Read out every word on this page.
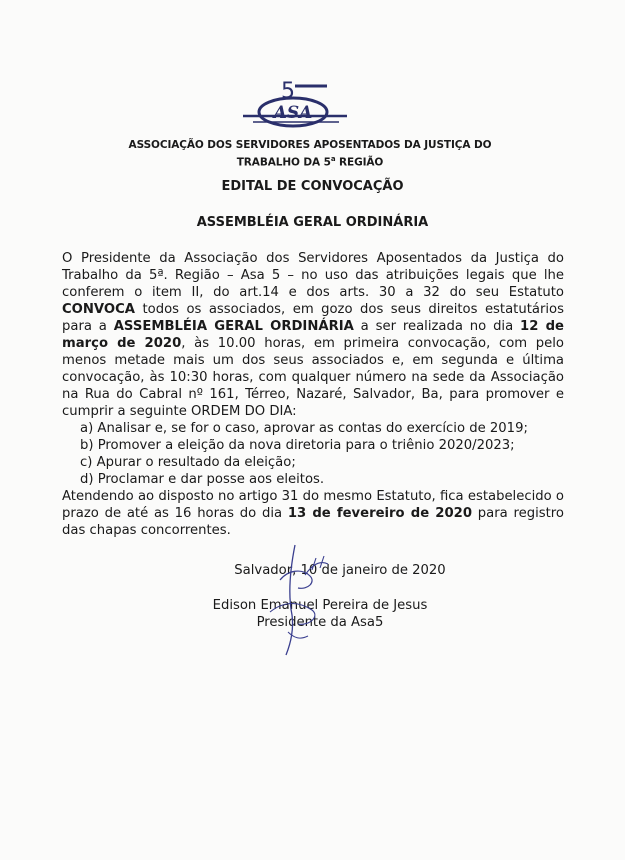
5
ASA
ASSOCIAÇÃO DOS SERVIDORES APOSENTADOS DA JUSTIÇA DO
TRABALHO DA 5$^a$ REGIÃO
EDITAL DE CONVOCAÇÃO
ASSEMBLÉIA GERAL ORDINÁRIA

O Presidente da Associação dos Servidores Aposentados da Justiça do Trabalho da 5ª. Região – Asa 5 – no uso das atribuições legais que lhe conferem o item II, do art.14 e dos arts. 30 a 32 do seu Estatuto CONVOCA todos os associados, em gozo dos seus direitos estatutários para a ASSEMBLÉIA GERAL ORDINÁRIA a ser realizada no dia 12 de março de 2020, às 10.00 horas, em primeira convocação, com pelo menos metade mais um dos seus associados e, em segunda e última convocação, às 10:30 horas, com qualquer número na sede da Associação na Rua do Cabral nº 161, Térreo, Nazaré, Salvador, Ba, para promover e cumprir a seguinte ORDEM DO DIA:

a) Analisar e, se for o caso, aprovar as contas do exercício de 2019;
b) Promover a eleição da nova diretoria para o triênio 2020/2023;
c) Apurar o resultado da eleição;
d) Proclamar e dar posse aos eleitos.

Atendendo ao disposto no artigo 31 do mesmo Estatuto, fica estabelecido o prazo de até as 16 horas do dia 13 de fevereiro de 2020 para registro das chapas concorrentes.

Salvador, 10 de janeiro de 2020
Edison Emanuel Pereira de Jesus
Presidente da Asa5
